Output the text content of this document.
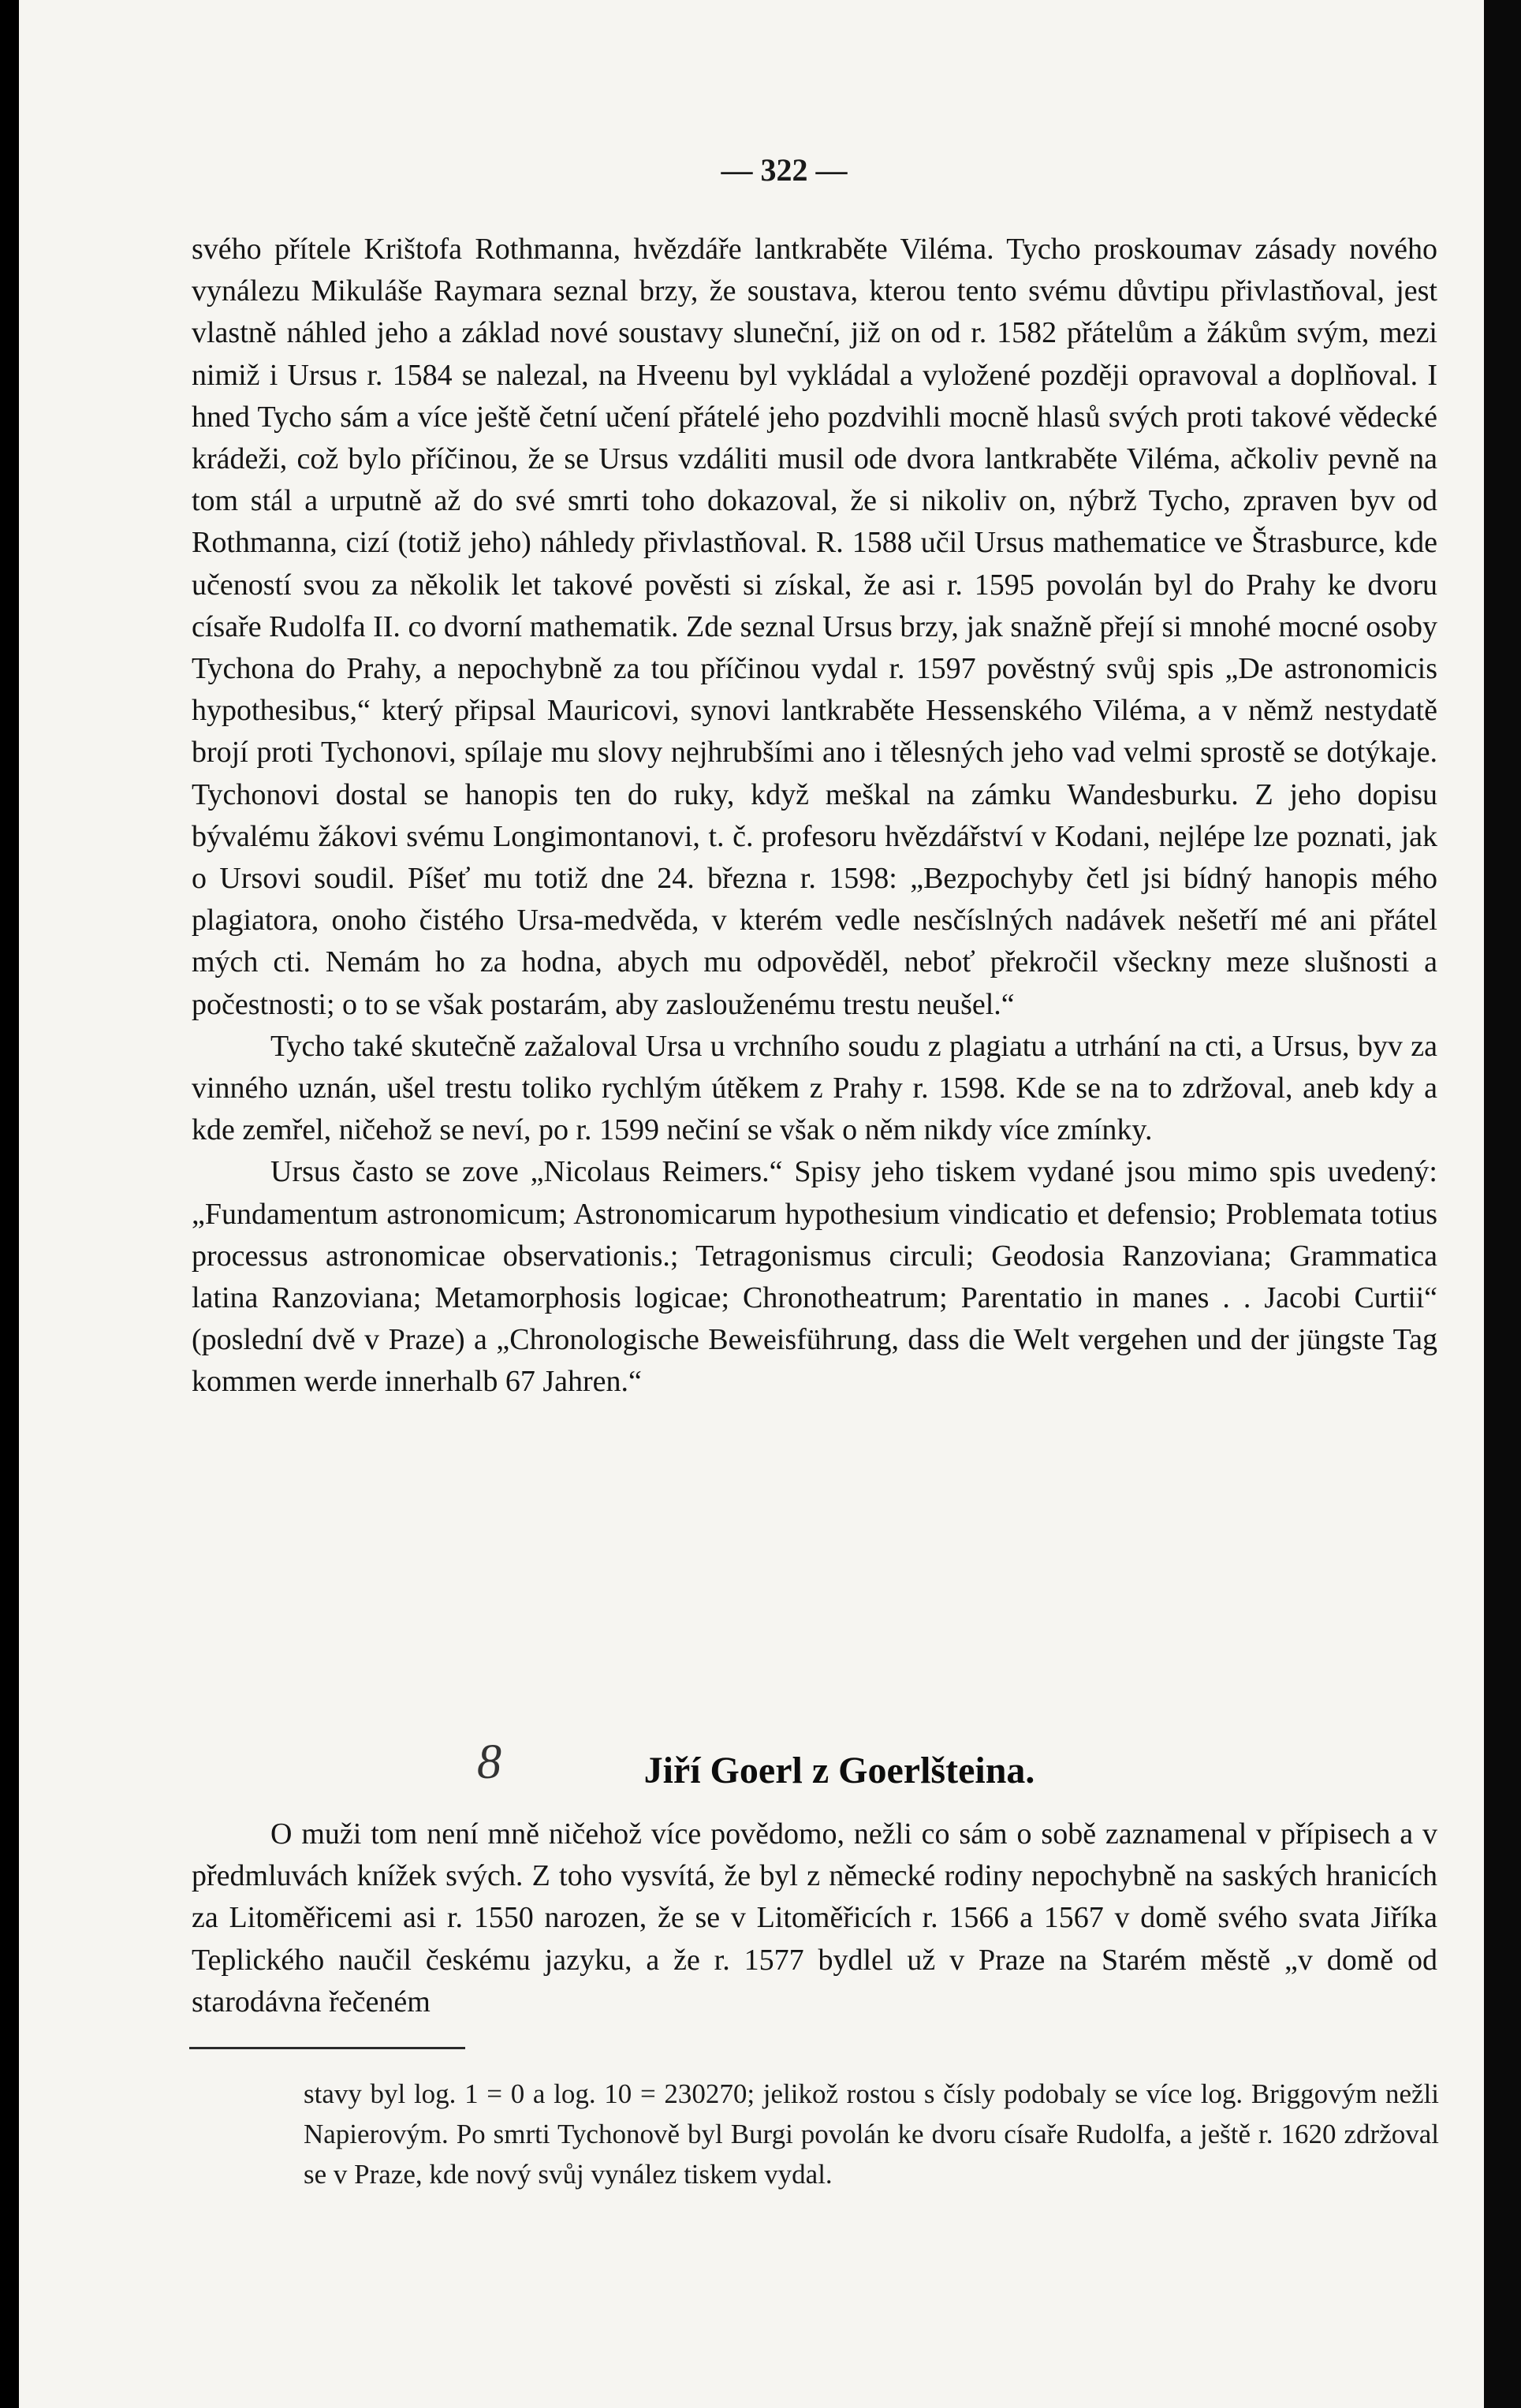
— 322 —

svého přítele Krištofa Rothmanna, hvězdáře lantkraběte Viléma. Tycho proskoumav zásady nového vynálezu Mikuláše Raymara seznal brzy, že soustava, kterou tento svému důvtipu přivlastňoval, jest vlastně náhled jeho a základ nové soustavy sluneční, již on od r. 1582 přátelům a žákům svým, mezi nimiž i Ursus r. 1584 se nalezal, na Hveenu byl vykládal a vyložené později opravoval a doplňoval. I hned Tycho sám a více ještě četní učení přátelé jeho pozdvihli mocně hlasů svých proti takové vědecké krádeži, což bylo příčinou, že se Ursus vzdáliti musil ode dvora lantkraběte Viléma, ačkoliv pevně na tom stál a urputně až do své smrti toho dokazoval, že si nikoliv on, nýbrž Tycho, zpraven byv od Rothmanna, cizí (totiž jeho) náhledy přivlastňoval. R. 1588 učil Ursus mathematice ve Štrasburce, kde učeností svou za několik let takové pověsti si získal, že asi r. 1595 povolán byl do Prahy ke dvoru císaře Rudolfa II. co dvorní mathematik. Zde seznal Ursus brzy, jak snažně přejí si mnohé mocné osoby Tychona do Prahy, a nepochybně za tou příčinou vydal r. 1597 pověstný svůj spis „De astronomicis hypothesibus,“ který připsal Mauricovi, synovi lantkraběte Hessenského Viléma, a v němž nestydatě brojí proti Tychonovi, spílaje mu slovy nejhrubšími ano i tělesných jeho vad velmi sprostě se dotýkaje. Tychonovi dostal se hanopis ten do ruky, když meškal na zámku Wandesburku. Z jeho dopisu bývalému žákovi svému Longimontanovi, t. č. profesoru hvězdářství v Kodani, nejlépe lze poznati, jak o Ursovi soudil. Píšeť mu totiž dne 24. března r. 1598: „Bezpochyby četl jsi bídný hanopis mého plagiatora, onoho čistého Ursa-medvěda, v kterém vedle nesčíslných nadávek nešetří mé ani přátel mých cti. Nemám ho za hodna, abych mu odpověděl, neboť překročil všeckny meze slušnosti a počestnosti; o to se však postarám, aby zaslouženému trestu neušel.“

Tycho také skutečně zažaloval Ursa u vrchního soudu z plagiatu a utrhání na cti, a Ursus, byv za vinného uznán, ušel trestu toliko rychlým útěkem z Prahy r. 1598. Kde se na to zdržoval, aneb kdy a kde zemřel, ničehož se neví, po r. 1599 nečiní se však o něm nikdy více zmínky.

Ursus často se zove „Nicolaus Reimers.“ Spisy jeho tiskem vydané jsou mimo spis uvedený: „Fundamentum astronomicum; Astronomicarum hypothesium vindicatio et defensio; Problemata totius processus astronomicae observationis.; Tetragonismus circuli; Geodosia Ranzoviana; Grammatica latina Ranzoviana; Metamorphosis logicae; Chronotheatrum; Parentatio in manes . . Jacobi Curtii“ (poslední dvě v Praze) a „Chronologische Beweisführung, dass die Welt vergehen und der jüngste Tag kommen werde innerhalb 67 Jahren.“

8	Jiří Goerl z Goerlšteina.

O muži tom není mně ničehož více povědomo, nežli co sám o sobě zaznamenal v přípisech a v předmluvách knížek svých. Z toho vysvítá, že byl z německé rodiny nepochybně na saských hranicích za Litoměřicemi asi r. 1550 narozen, že se v Litoměřicích r. 1566 a 1567 v domě svého svata Jiříka Teplického naučil českému jazyku, a že r. 1577 bydlel už v Praze na Starém městě „v domě od starodávna řečeném

stavy byl log. 1 = 0 a log. 10 = 230270; jelikož rostou s čísly podobaly se více log. Briggovým nežli Napierovým. Po smrti Tychonově byl Burgi povolán ke dvoru císaře Rudolfa, a ještě r. 1620 zdržoval se v Praze, kde nový svůj vynález tiskem vydal.
